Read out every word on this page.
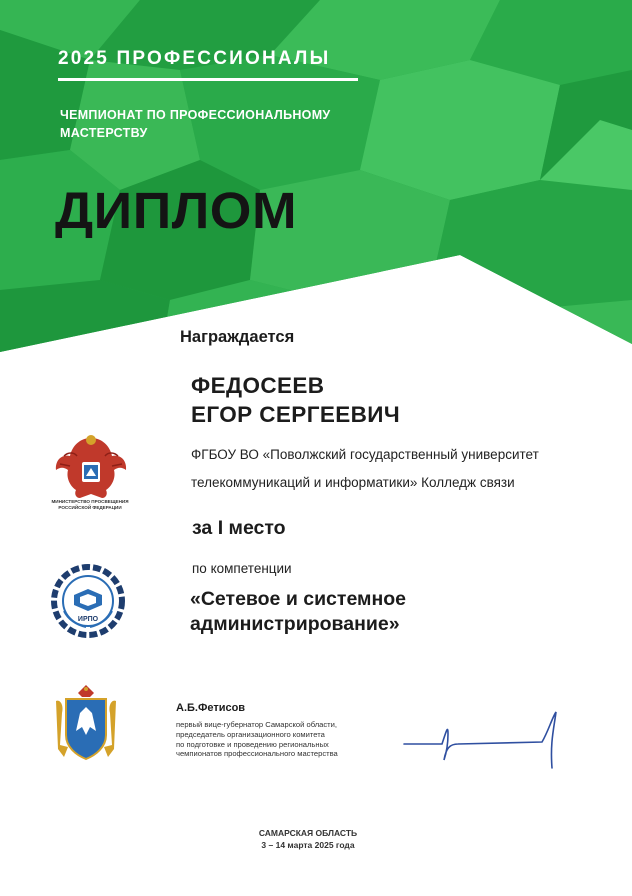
2025 ПРОФЕССИОНАЛЫ
ЧЕМПИОНАТ ПО ПРОФЕССИОНАЛЬНОМУ
МАСТЕРСТВУ
ДИПЛОМ
Награждается
ФЕДОСЕЕВ
ЕГОР СЕРГЕЕВИЧ
ФГБОУ ВО «Поволжский государственный университет
телекоммуникаций и информатики» Колледж связи
за I место
по компетенции
«Сетевое и системное
администрирование»
МИНИСТЕРСТВО ПРОСВЕЩЕНИЯ
РОССИЙСКОЙ ФЕДЕРАЦИИ
ИРПО
А.Б.Фетисов
первый вице-губернатор Самарской области,
председатель организационного комитета
по подготовке и проведению региональных
чемпионатов профессионального мастерства
САМАРСКАЯ ОБЛАСТЬ
3 – 14 марта 2025 года
